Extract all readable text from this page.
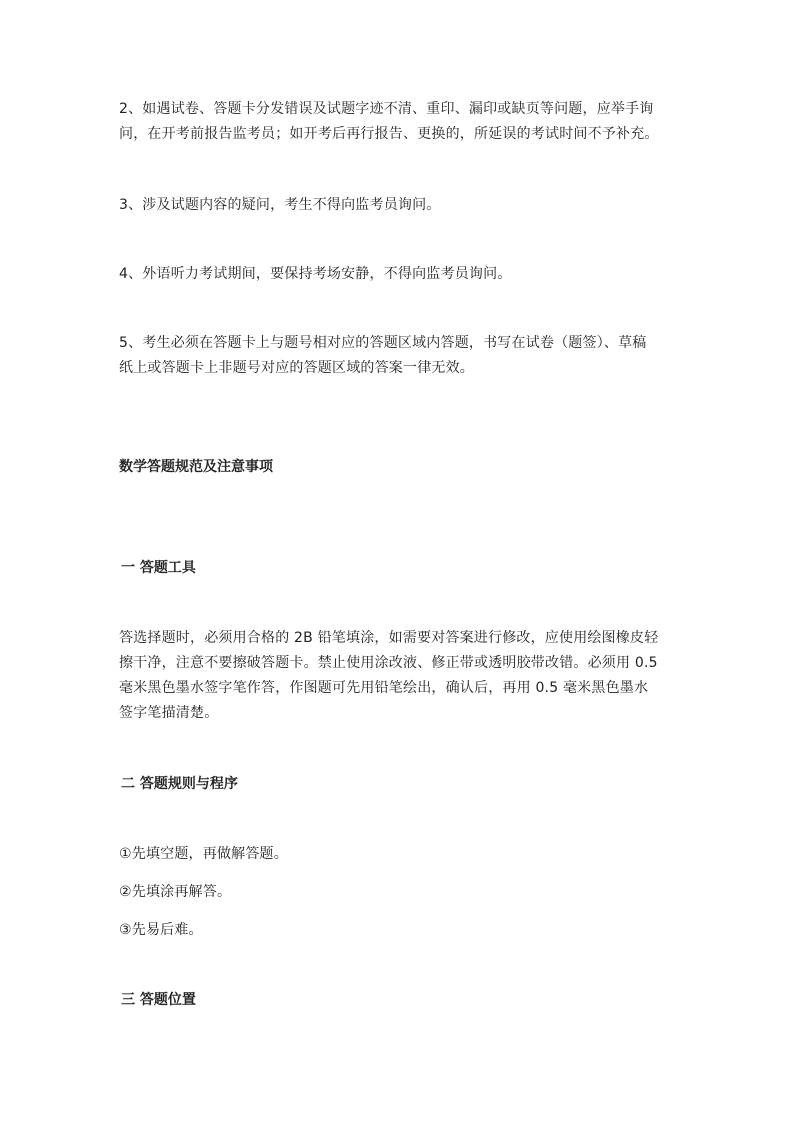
2、如遇试卷、答题卡分发错误及试题字迹不清、重印、漏印或缺页等问题，应举手询
问，在开考前报告监考员；如开考后再行报告、更换的，所延误的考试时间不予补充。

3、涉及试题内容的疑问，考生不得向监考员询问。

4、外语听力考试期间，要保持考场安静，不得向监考员询问。

5、考生必须在答题卡上与题号相对应的答题区域内答题，书写在试卷（题签）、草稿
纸上或答题卡上非题号对应的答题区域的答案一律无效。

数学答题规范及注意事项
一 答题工具

答选择题时，必须用合格的 2B 铅笔填涂，如需要对答案进行修改，应使用绘图橡皮轻
擦干净，注意不要擦破答题卡。禁止使用涂改液、修正带或透明胶带改错。必须用 0.5
毫米黑色墨水签字笔作答，作图题可先用铅笔绘出，确认后，再用 0.5 毫米黑色墨水
签字笔描清楚。

二 答题规则与程序

①先填空题，再做解答题。

②先填涂再解答。

③先易后难。

三 答题位置
